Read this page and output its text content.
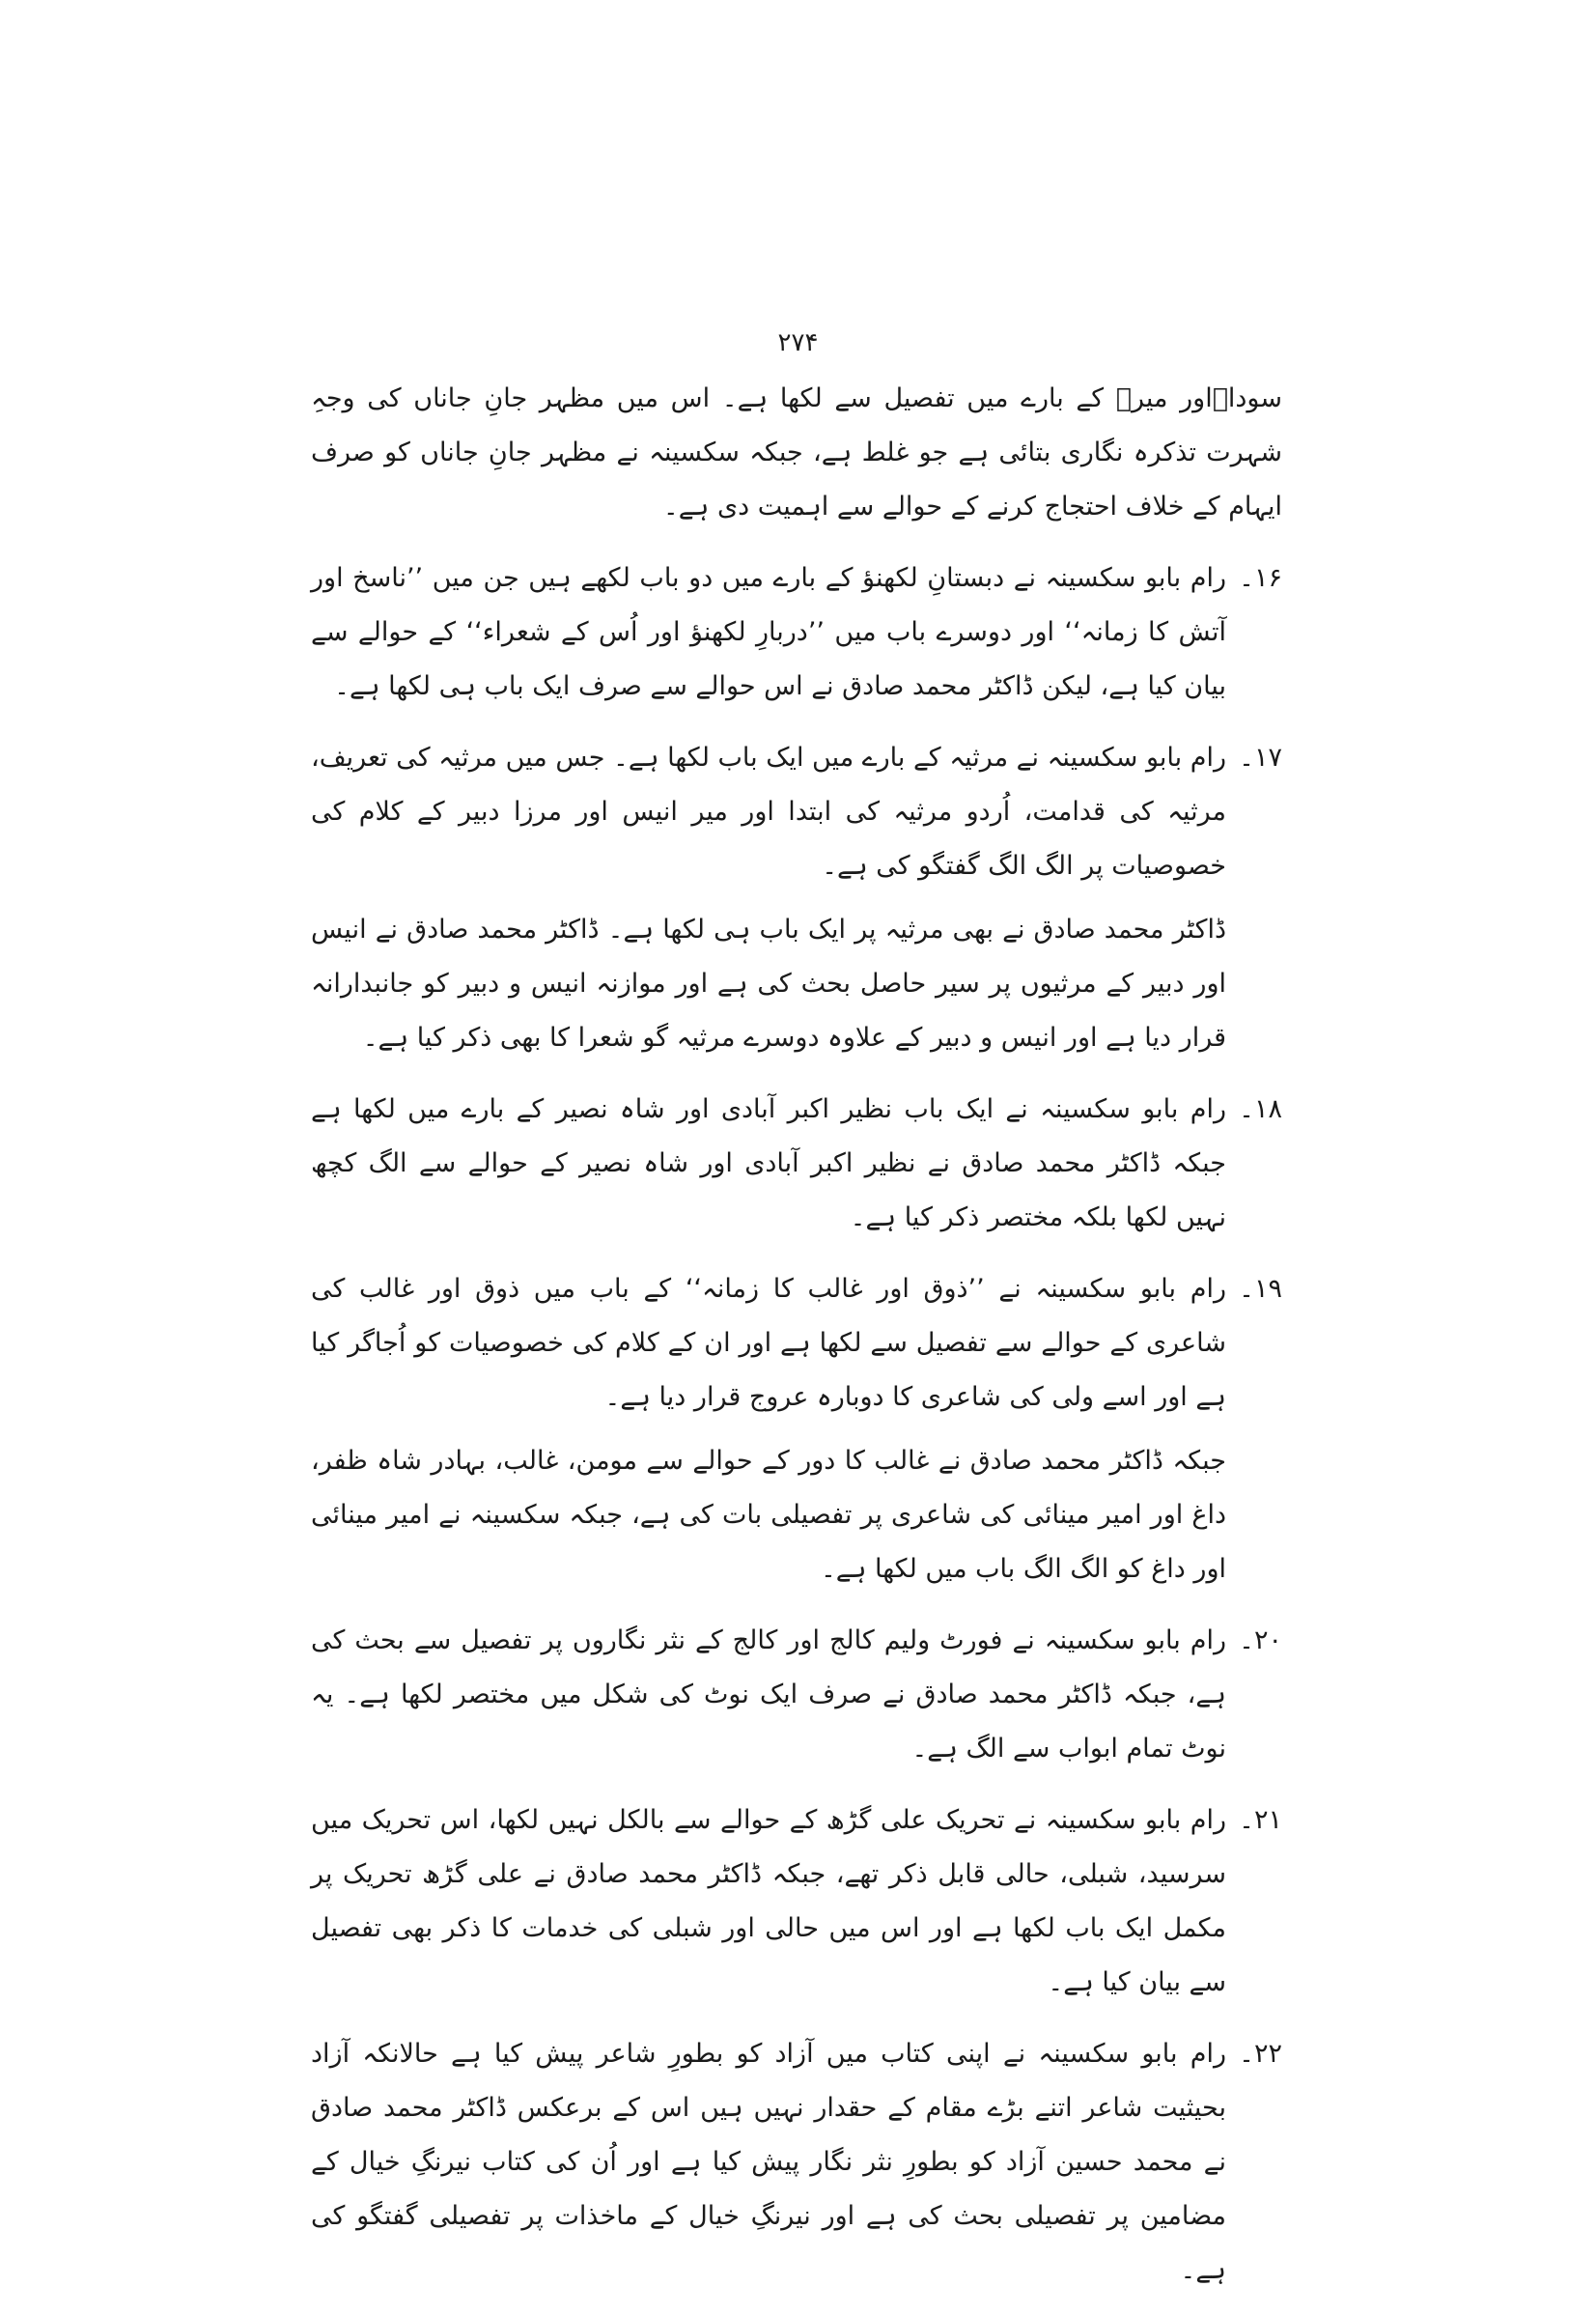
۲۷۴

سوداؔاور میرؔ کے بارے میں تفصیل سے لکھا ہے۔ اس میں مظہر جانِ جاناں کی وجہِ شہرت تذکرہ نگاری بتائی ہے جو غلط ہے، جبکہ سکسینہ نے مظہر جانِ جاناں کو صرف ایہام کے خلاف احتجاج کرنے کے حوالے سے اہمیت دی ہے۔

۱۶۔
رام بابو سکسینہ نے دبستانِ لکھنؤ کے بارے میں دو باب لکھے ہیں جن میں ’’ناسخ اور آتش کا زمانہ‘‘ اور دوسرے باب میں ’’دربارِ لکھنؤ اور اُس کے شعراء‘‘ کے حوالے سے بیان کیا ہے، لیکن ڈاکٹر محمد صادق نے اس حوالے سے صرف ایک باب ہی لکھا ہے۔
۱۷۔
رام بابو سکسینہ نے مرثیہ کے بارے میں ایک باب لکھا ہے۔ جس میں مرثیہ کی تعریف، مرثیہ کی قدامت، اُردو مرثیہ کی ابتدا اور میر انیس اور مرزا دبیر کے کلام کی خصوصیات پر الگ الگ گفتگو کی ہے۔
ڈاکٹر محمد صادق نے بھی مرثیہ پر ایک باب ہی لکھا ہے۔ ڈاکٹر محمد صادق نے انیس اور دبیر کے مرثیوں پر سیر حاصل بحث کی ہے اور موازنہ انیس و دبیر کو جانبدارانہ قرار دیا ہے اور انیس و دبیر کے علاوہ دوسرے مرثیہ گو شعرا کا بھی ذکر کیا ہے۔
۱۸۔
رام بابو سکسینہ نے ایک باب نظیر اکبر آبادی اور شاہ نصیر کے بارے میں لکھا ہے جبکہ ڈاکٹر محمد صادق نے نظیر اکبر آبادی اور شاہ نصیر کے حوالے سے الگ کچھ نہیں لکھا بلکہ مختصر ذکر کیا ہے۔
۱۹۔
رام بابو سکسینہ نے ’’ذوق اور غالب کا زمانہ‘‘ کے باب میں ذوق اور غالب کی شاعری کے حوالے سے تفصیل سے لکھا ہے اور ان کے کلام کی خصوصیات کو اُجاگر کیا ہے اور اسے ولی کی شاعری کا دوبارہ عروج قرار دیا ہے۔
جبکہ ڈاکٹر محمد صادق نے غالب کا دور کے حوالے سے مومن، غالب، بہادر شاہ ظفر، داغ اور امیر مینائی کی شاعری پر تفصیلی بات کی ہے، جبکہ سکسینہ نے امیر مینائی اور داغ کو الگ الگ باب میں لکھا ہے۔
۲۰۔
رام بابو سکسینہ نے فورٹ ولیم کالج اور کالج کے نثر نگاروں پر تفصیل سے بحث کی ہے، جبکہ ڈاکٹر محمد صادق نے صرف ایک نوٹ کی شکل میں مختصر لکھا ہے۔ یہ نوٹ تمام ابواب سے الگ ہے۔
۲۱۔
رام بابو سکسینہ نے تحریک علی گڑھ کے حوالے سے بالکل نہیں لکھا، اس تحریک میں سرسید، شبلی، حالی قابل ذکر تھے، جبکہ ڈاکٹر محمد صادق نے علی گڑھ تحریک پر مکمل ایک باب لکھا ہے اور اس میں حالی اور شبلی کی خدمات کا ذکر بھی تفصیل سے بیان کیا ہے۔
۲۲۔
رام بابو سکسینہ نے اپنی کتاب میں آزاد کو بطورِ شاعر پیش کیا ہے حالانکہ آزاد بحیثیت شاعر اتنے بڑے مقام کے حقدار نہیں ہیں اس کے برعکس ڈاکٹر محمد صادق نے محمد حسین آزاد کو بطورِ نثر نگار پیش کیا ہے اور اُن کی کتاب نیرنگِ خیال کے مضامین پر تفصیلی بحث کی ہے اور نیرنگِ خیال کے ماخذات پر تفصیلی گفتگو کی ہے۔
